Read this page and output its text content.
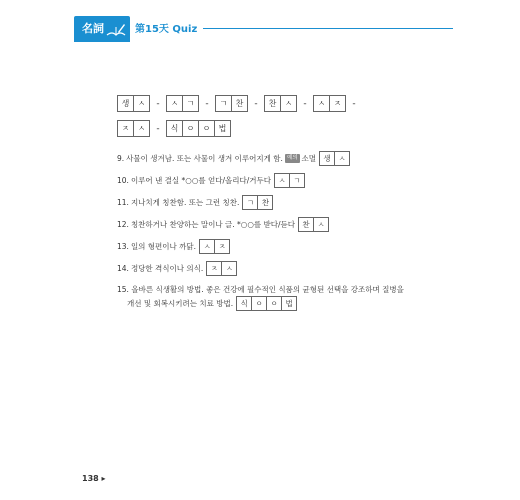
名詞	第15天 Quiz
생	ㅅ	-	ㅅ	ㄱ	-	ㄱ	찬	-	찬	ㅅ	-	ㅅ	ㅈ	-
ㅈ	ㅅ	-	식	ㅇ	ㅇ	법
9. 사물이 생겨남. 또는 사물이 생겨 이루어지게 함. 예의 소멸 생	ㅅ
10. 이루어 낸 결실 *○○를 얻다/올리다/거두다 ㅅ	ㄱ
11. 지나치게 칭찬함. 또는 그런 칭찬. ㄱ	찬
12. 칭찬하거나 찬양하는 말이나 글. *○○를 받다/듣다 찬	ㅅ
13. 일의 형편이나 까닭. ㅅ	ㅈ
14. 정당한 격식이나 의식. ㅈ	ㅅ
15. 올바른 식생활의 방법. 좋은 건강에 필수적인 식품의 균형된 선택을 강조하며 질병을
개선 및 회복시키려는 치료 방법. 식	ㅇ	ㅇ	법
138 ▸
